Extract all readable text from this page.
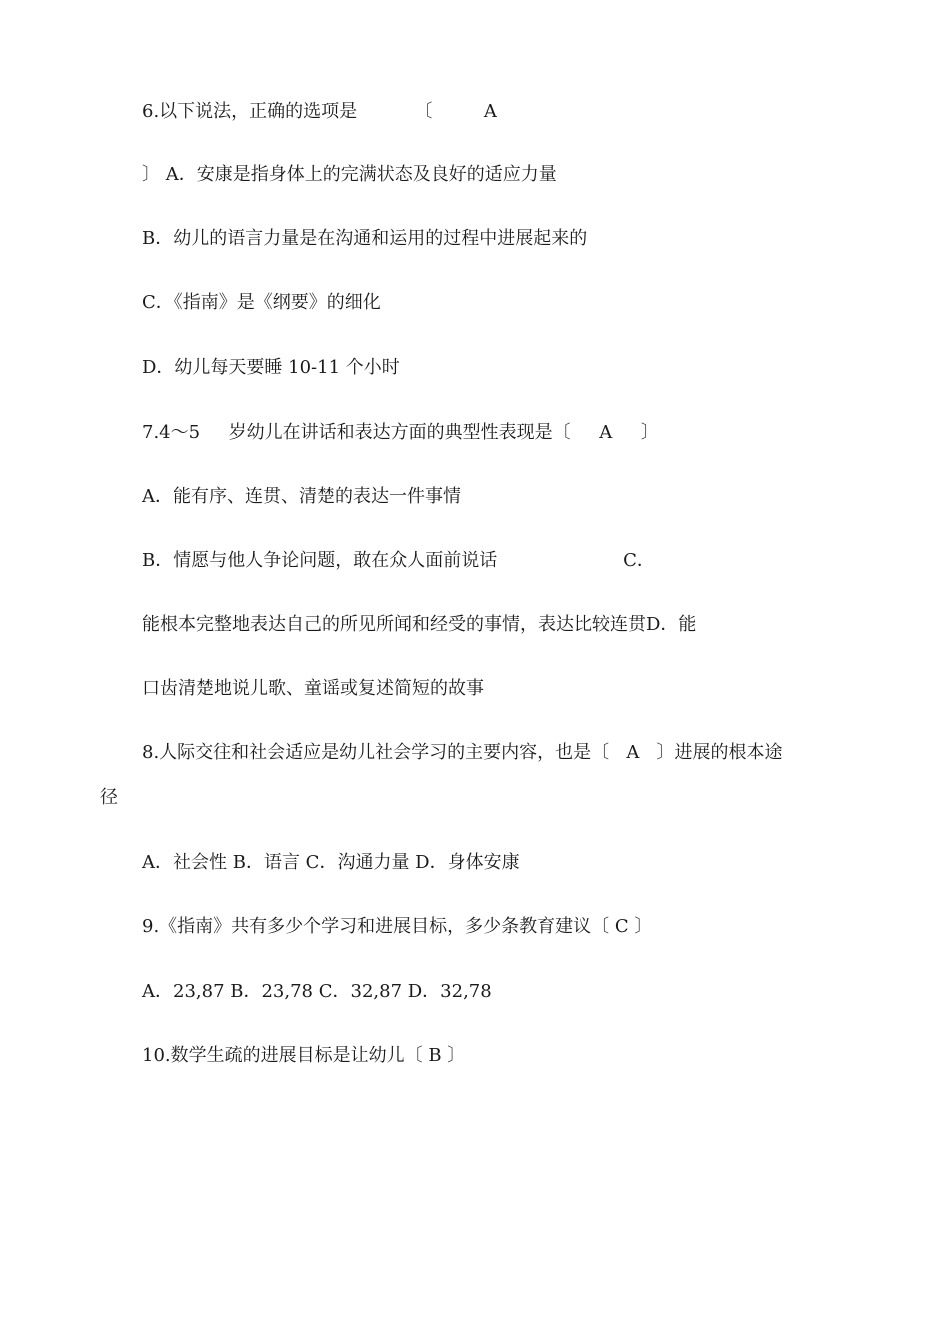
6.以下说法，正确的选项是          〔         A

〕 A．安康是指身体上的完满状态及良好的适应力量

B．幼儿的语言力量是在沟通和运用的过程中进展起来的

C．《指南》是《纲要》的细化

D．幼儿每天要睡 10-11 个小时

7.4～5     岁幼儿在讲话和表达方面的典型性表现是〔     A     〕

A．能有序、连贯、清楚的表达一件事情

B．情愿与他人争论问题，敢在众人面前说话                      C．

能根本完整地表达自己的所见所闻和经受的事情，表达比较连贯D．能

口齿清楚地说儿歌、童谣或复述简短的故事

8.人际交往和社会适应是幼儿社会学习的主要内容，也是〔   A   〕进展的根本途

径

A．社会性 B．语言 C．沟通力量 D．身体安康

9.《指南》共有多少个学习和进展目标，多少条教育建议〔 C 〕

A．23,87 B．23,78 C．32,87 D．32,78

10.数学生疏的进展目标是让幼儿〔 B 〕
